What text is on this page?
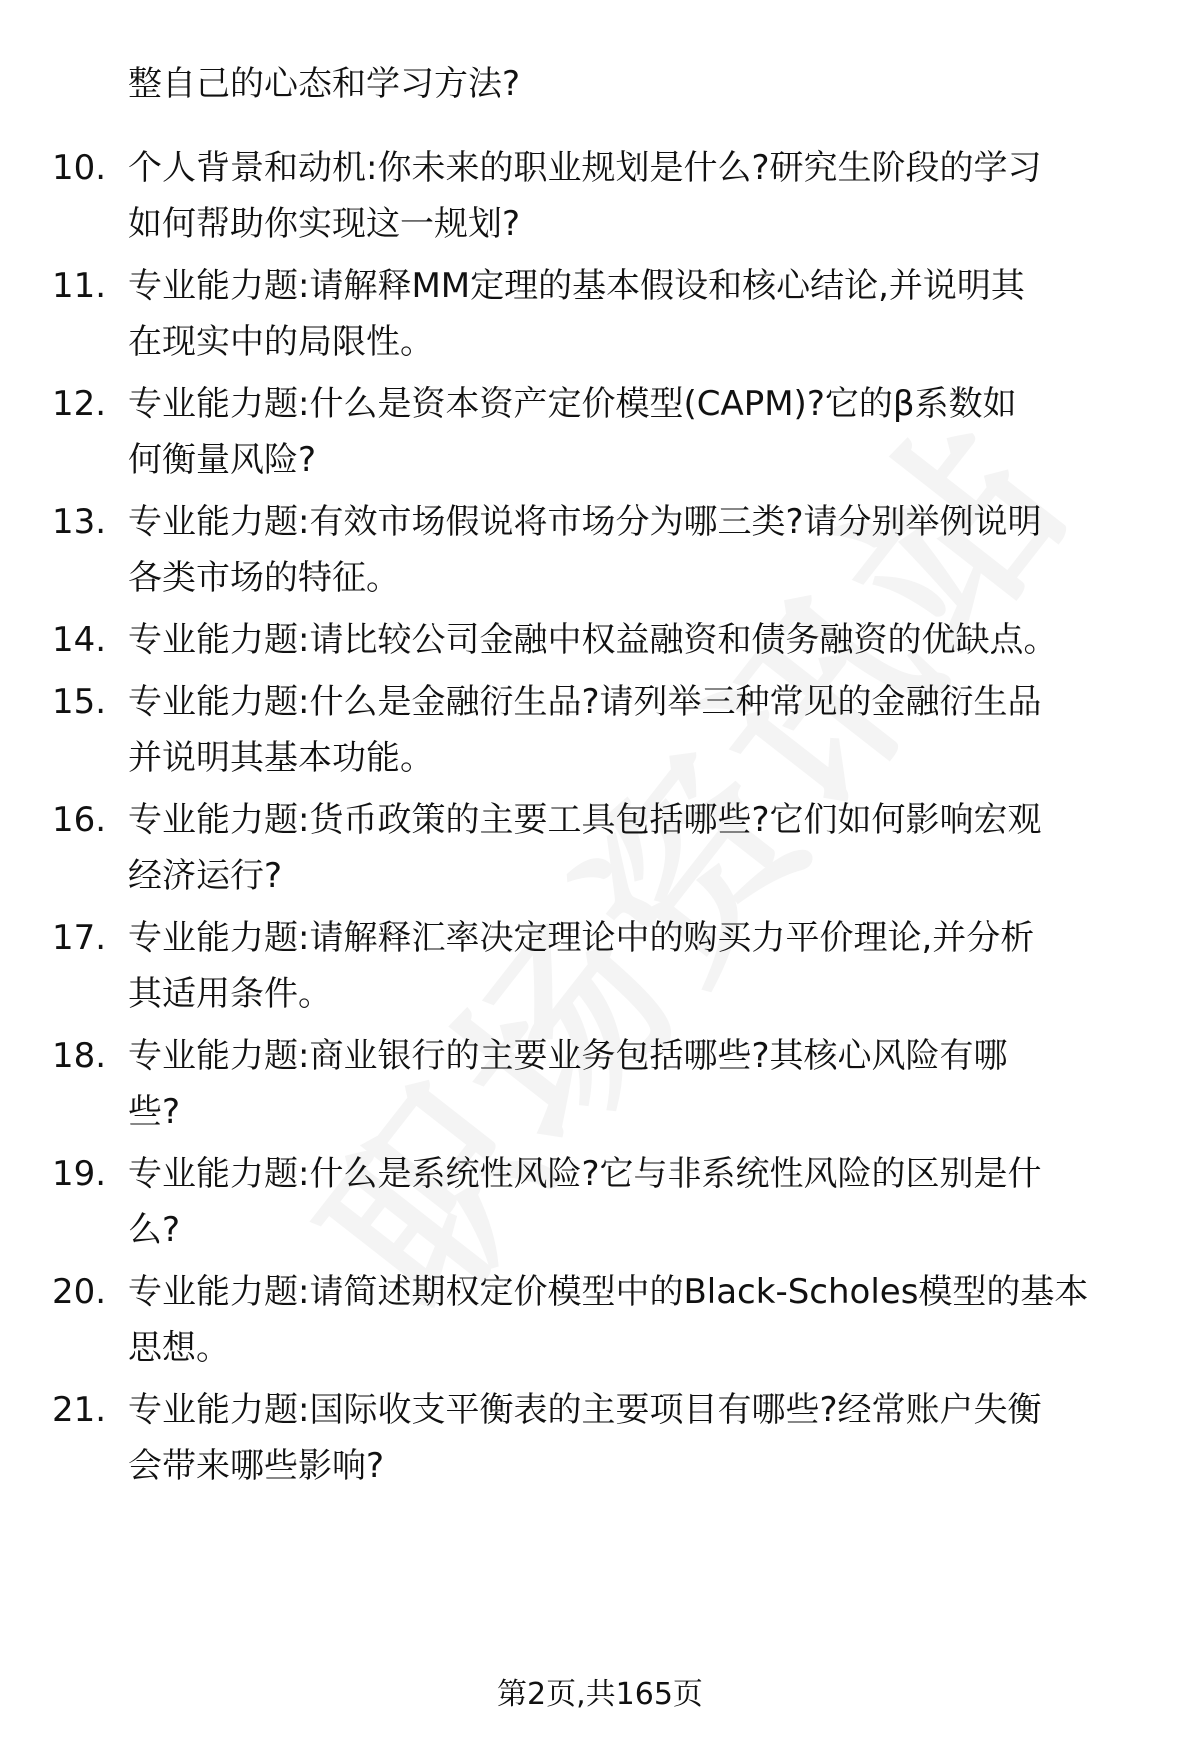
整自己的心态和学习方法?
10. 个人背景和动机:你未来的职业规划是什么?研究生阶段的学习
如何帮助你实现这一规划?
11. 专业能力题:请解释MM定理的基本假设和核心结论,并说明其
在现实中的局限性。
12. 专业能力题:什么是资本资产定价模型(CAPM)?它的β系数如
何衡量风险?
13. 专业能力题:有效市场假说将市场分为哪三类?请分别举例说明
各类市场的特征。
14. 专业能力题:请比较公司金融中权益融资和债务融资的优缺点。
15. 专业能力题:什么是金融衍生品?请列举三种常见的金融衍生品
并说明其基本功能。
16. 专业能力题:货币政策的主要工具包括哪些?它们如何影响宏观
经济运行?
17. 专业能力题:请解释汇率决定理论中的购买力平价理论,并分析
其适用条件。
18. 专业能力题:商业银行的主要业务包括哪些?其核心风险有哪
些?
19. 专业能力题:什么是系统性风险?它与非系统性风险的区别是什
么?
20. 专业能力题:请简述期权定价模型中的Black-Scholes模型的基本
思想。
21. 专业能力题:国际收支平衡表的主要项目有哪些?经常账户失衡
会带来哪些影响?
第2页,共165页
